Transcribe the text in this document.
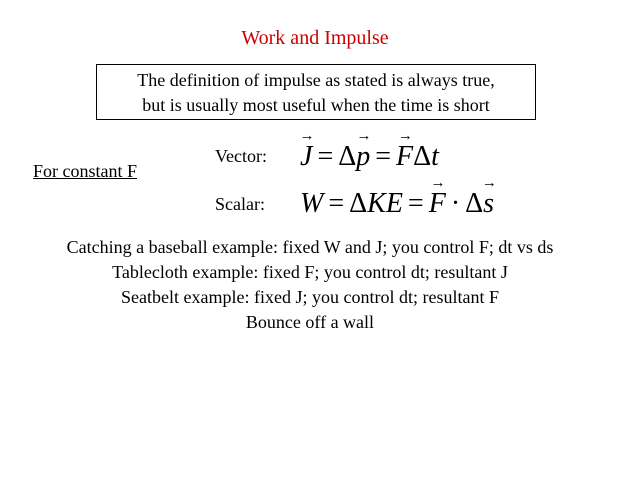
Work and Impulse
The definition of impulse as stated is always true,
but is usually most useful when the time is short
For constant F
Vector: → J = Δ→ p = → FΔt
Scalar: W = ΔKE = → F · Δ→ s
Catching a baseball example: fixed W and J; you control F; dt vs ds
Tablecloth example: fixed F; you control dt; resultant J
Seatbelt example: fixed J; you control dt; resultant F
Bounce off a wall
